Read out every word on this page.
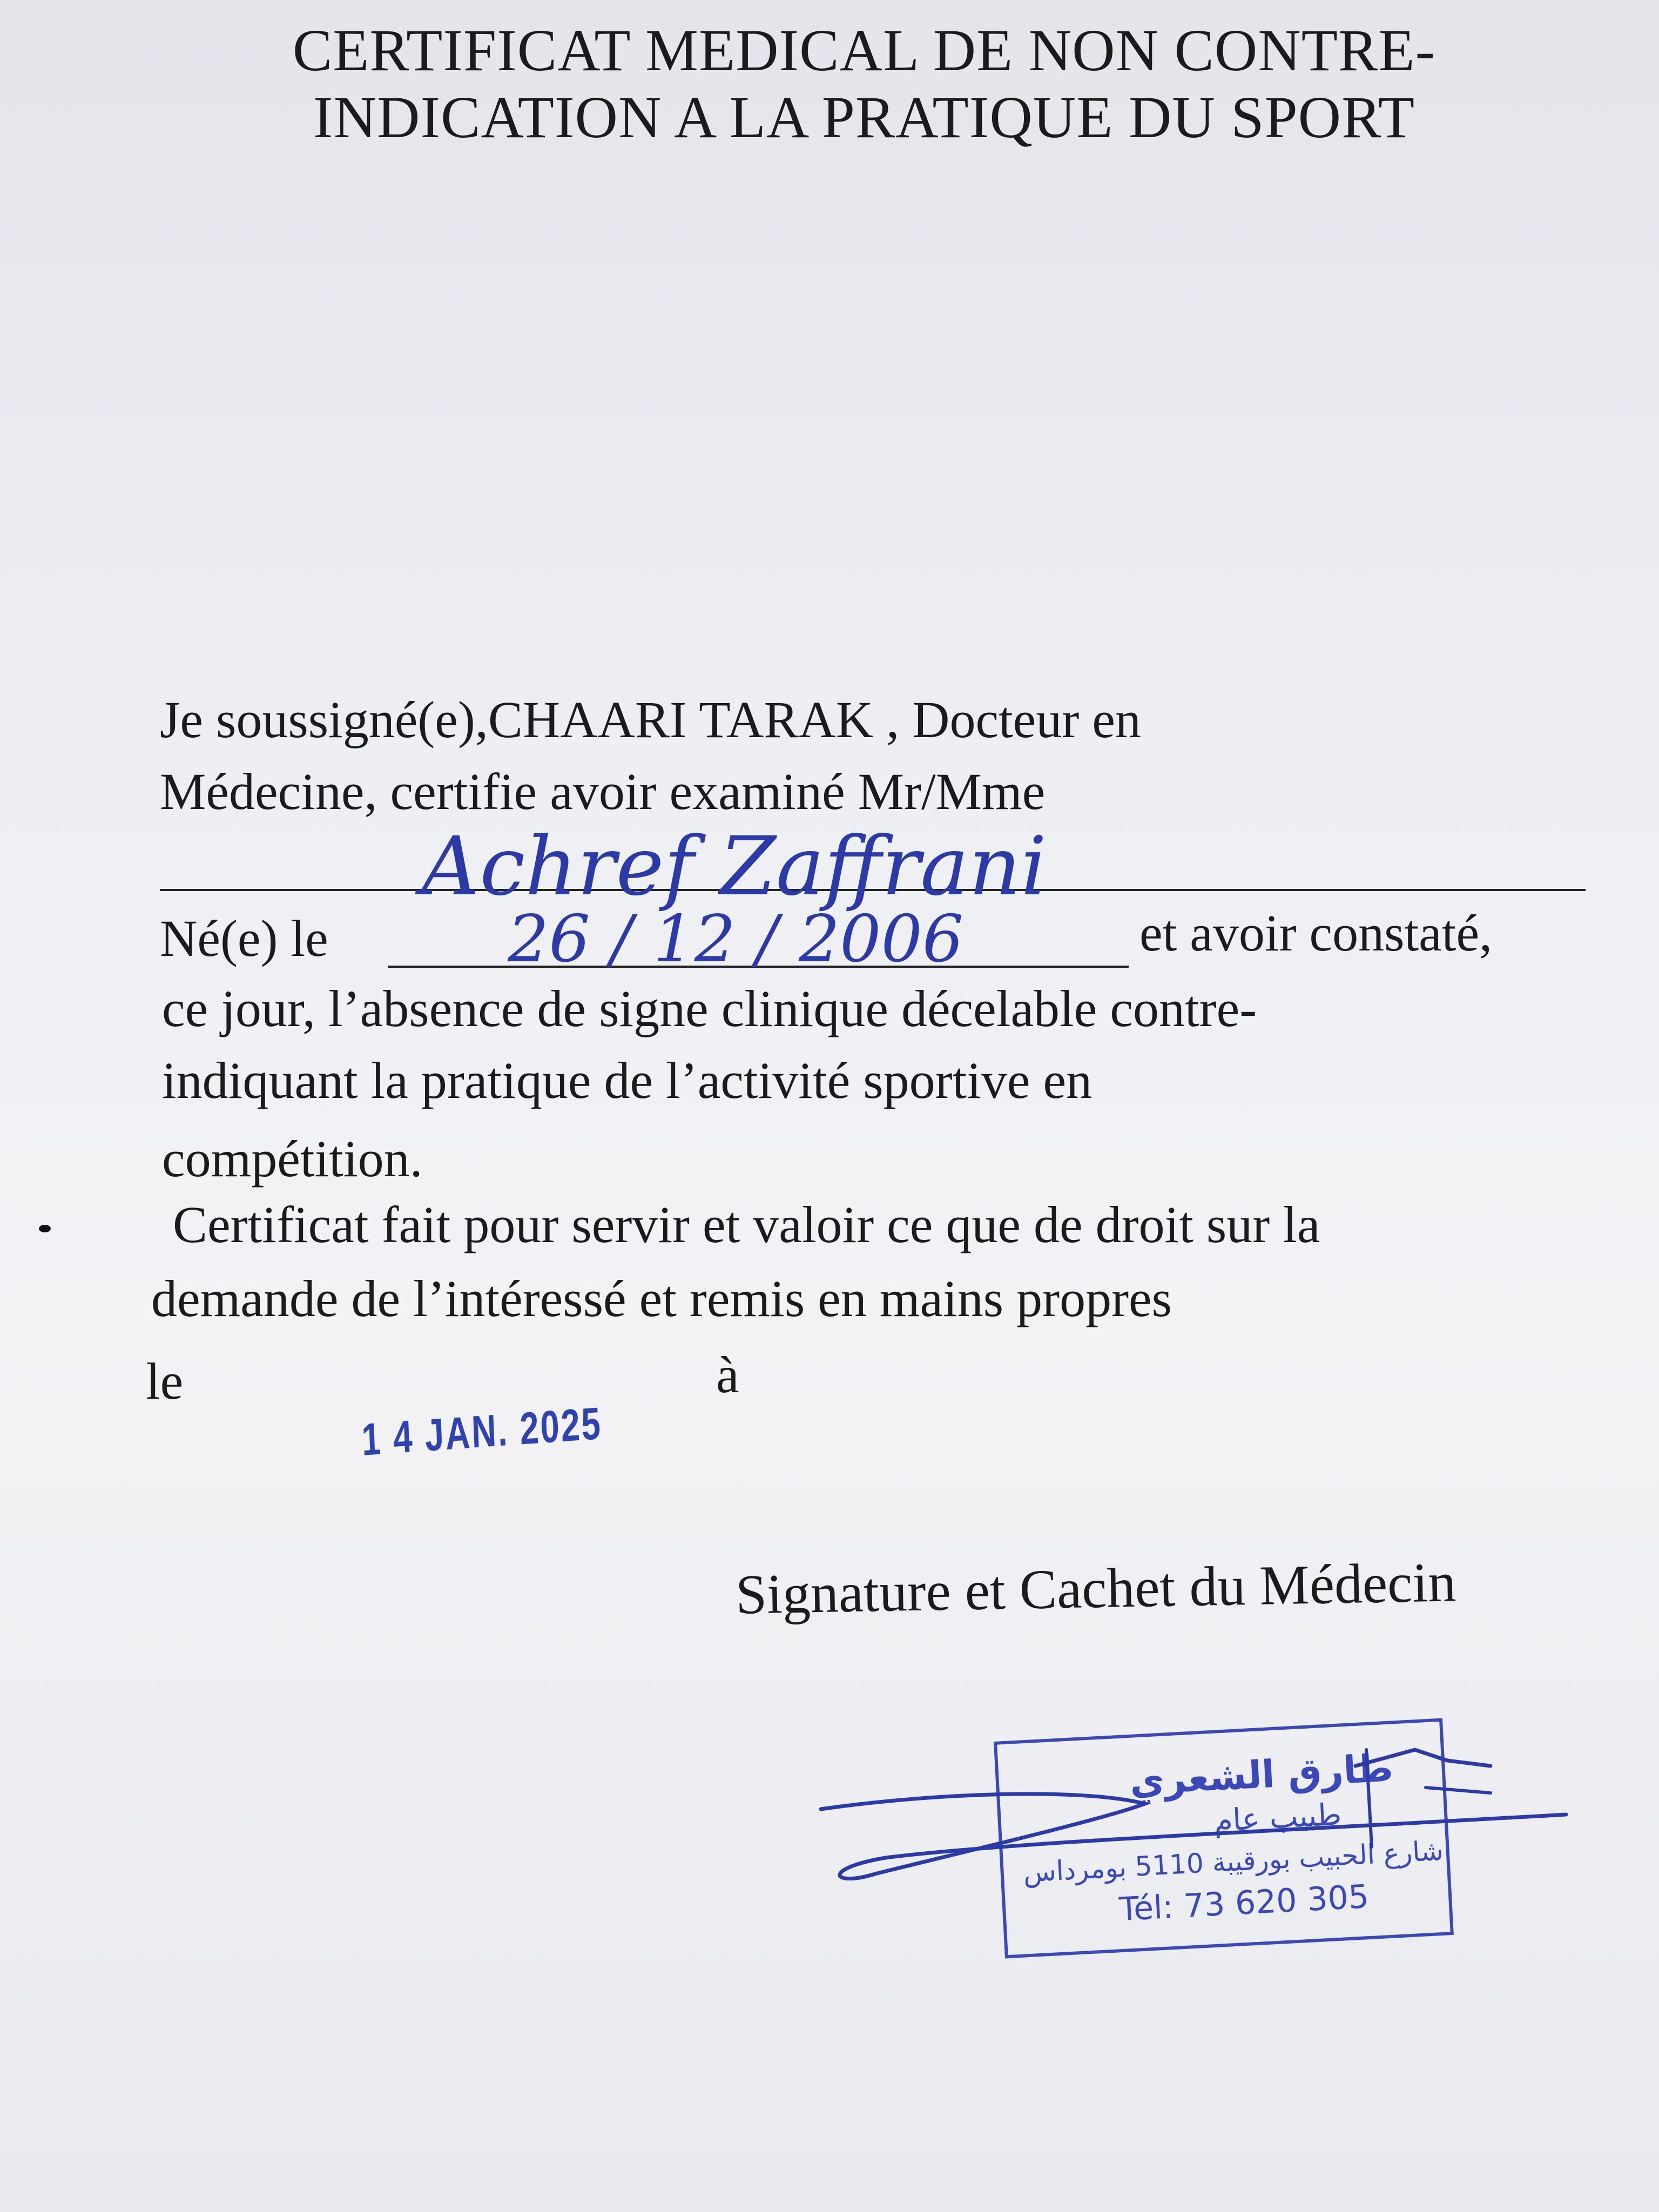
CERTIFICAT MEDICAL DE NON CONTRE-
INDICATION A LA PRATIQUE DU SPORT
Je soussigné(e),CHAARI TARAK , Docteur en
Médecine, certifie avoir examiné Mr/Mme
Achref Zaffrani
Né(e) le	26 / 12 / 2006	et avoir constaté,
ce jour, l’absence de signe clinique décelable contre-
indiquant la pratique de l’activité sportive en
compétition.
Certificat fait pour servir et valoir ce que de droit sur la
demande de l’intéressé et remis en mains propres
le	à
1 4 JAN. 2025
Signature et Cachet du Médecin
طارق الشعري
طبيب عام
شارع الحبيب بورقيبة 5110 بومرداس
Tél: 73 620 305
